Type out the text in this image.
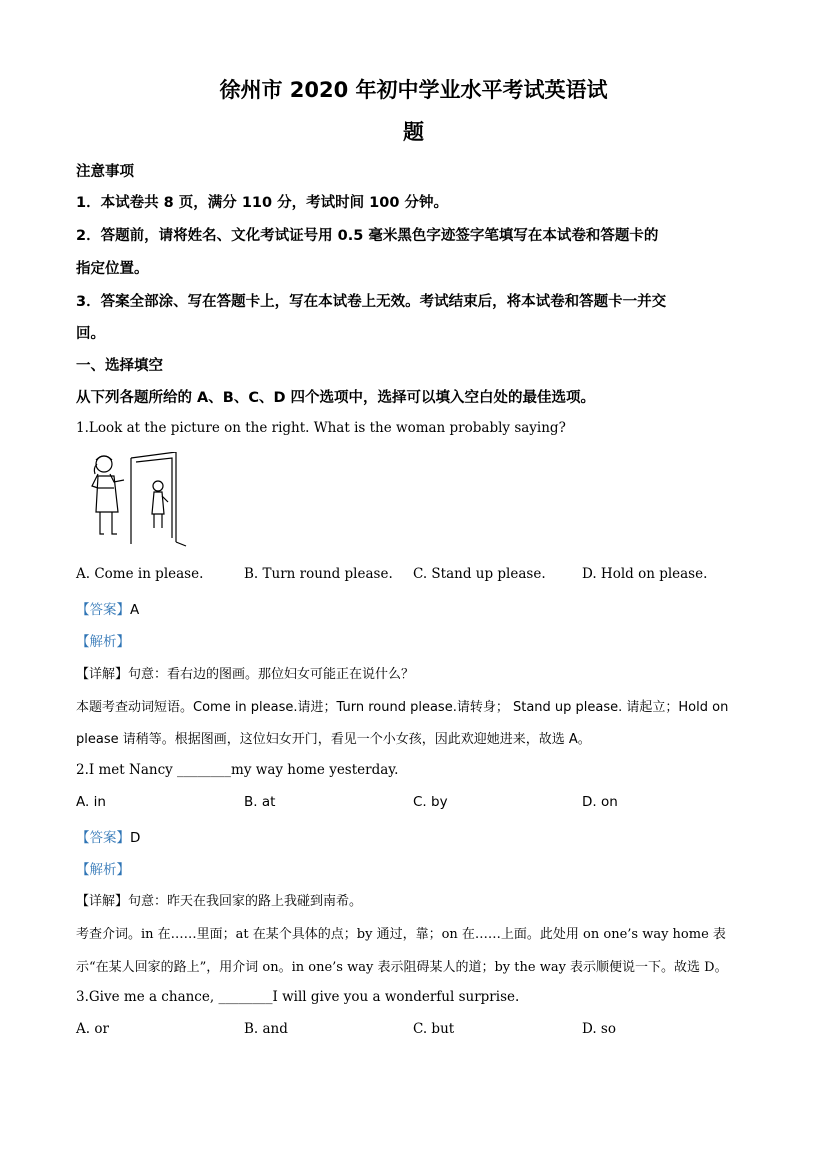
徐州市 2020 年初中学业水平考试英语试
题
注意事项
1．本试卷共 8 页，满分 110 分，考试时间 100 分钟。
2．答题前，请将姓名、文化考试证号用 0.5 毫米黑色字迹签字笔填写在本试卷和答题卡的
指定位置。
3．答案全部涂、写在答题卡上，写在本试卷上无效。考试结束后，将本试卷和答题卡一并交
回。
一、选择填空
从下列各题所给的 A、B、C、D 四个选项中，选择可以填入空白处的最佳选项。
1.Look at the picture on the right. What is the woman probably saying?
A. Come in please.	B. Turn round please. C. Stand up please.	D. Hold on please.
【答案】A
【解析】
【详解】句意：看右边的图画。那位妇女可能正在说什么？
本题考查动词短语。Come in please.请进；Turn round please.请转身； Stand up please. 请起立；Hold on
please 请稍等。根据图画，这位妇女开门，看见一个小女孩，因此欢迎她进来，故选 A。
2.I met Nancy ________my way home yesterday.
A. in	B. at	C. by	D. on
【答案】D
【解析】
【详解】句意：昨天在我回家的路上我碰到南希。
考查介词。in 在……里面；at 在某个具体的点；by 通过，靠；on 在……上面。此处用 on one’s way home 表
示“在某人回家的路上”，用介词 on。in one’s way 表示阻碍某人的道；by the way 表示顺便说一下。故选 D。
3.Give me a chance, ________I will give you a wonderful surprise.
A. or	B. and	C. but	D. so
